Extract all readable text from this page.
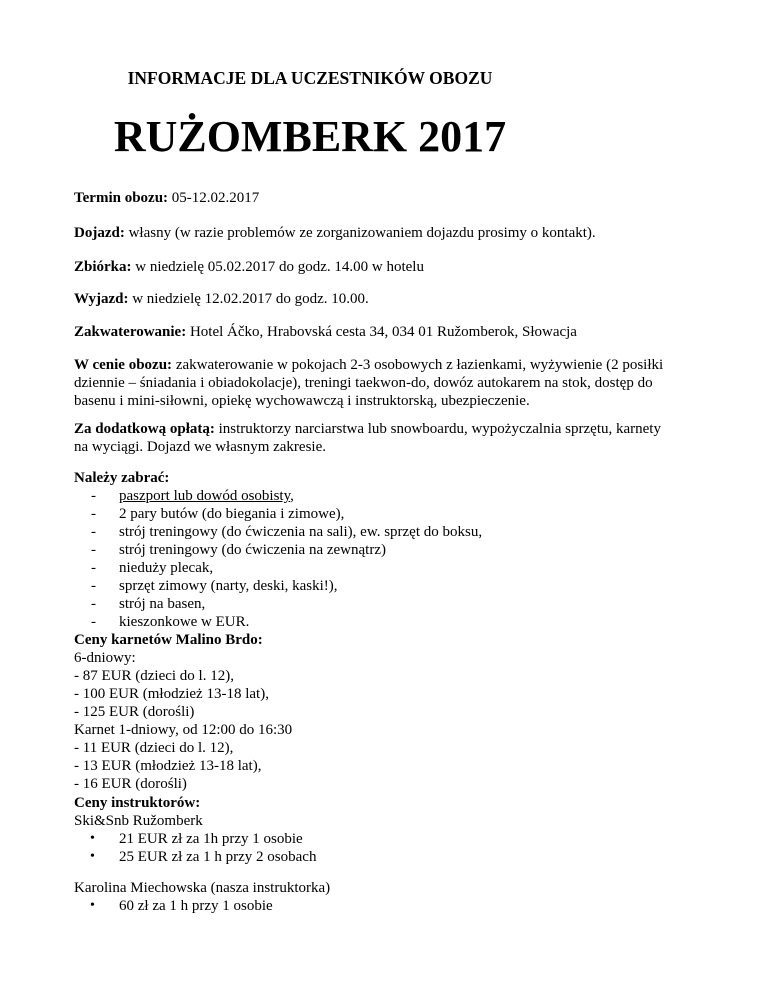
INFORMACJE DLA UCZESTNIKÓW OBOZU
RUŻOMBERK 2017

Termin obozu: 05-12.02.2017

Dojazd: własny (w razie problemów ze zorganizowaniem dojazdu prosimy o kontakt).

Zbiórka: w niedzielę 05.02.2017 do godz. 14.00 w hotelu

Wyjazd: w niedzielę 12.02.2017 do godz. 10.00.

Zakwaterowanie: Hotel Áčko, Hrabovská cesta 34, 034 01 Ružomberok, Słowacja

W cenie obozu: zakwaterowanie w pokojach 2-3 osobowych z łazienkami, wyżywienie (2 posiłki
dziennie – śniadania i obiadokolacje), treningi taekwon-do, dowóz autokarem na stok, dostęp do
basenu i mini-siłowni, opiekę wychowawczą i instruktorską, ubezpieczenie.
Za dodatkową opłatą: instruktorzy narciarstwa lub snowboardu, wypożyczalnia sprzętu, karnety
na wyciągi. Dojazd we własnym zakresie.
Należy zabrać:
- paszport lub dowód osobisty,
- 2 pary butów (do biegania i zimowe),
- strój treningowy (do ćwiczenia na sali), ew. sprzęt do boksu,
- strój treningowy (do ćwiczenia na zewnątrz)
- nieduży plecak,
- sprzęt zimowy (narty, deski, kaski!),
- strój na basen,
- kieszonkowe w EUR.
Ceny karnetów Malino Brdo:
6-dniowy:
- 87 EUR (dzieci do l. 12),
- 100 EUR (młodzież 13-18 lat),
- 125 EUR (dorośli)
Karnet 1-dniowy, od 12:00 do 16:30
- 11 EUR (dzieci do l. 12),
- 13 EUR (młodzież 13-18 lat),
- 16 EUR (dorośli)
Ceny instruktorów:
Ski&Snb Ružomberk
• 21 EUR zł za 1h przy 1 osobie
• 25 EUR zł za 1 h przy 2 osobach
Karolina Miechowska (nasza instruktorka)
• 60 zł za 1 h przy 1 osobie
